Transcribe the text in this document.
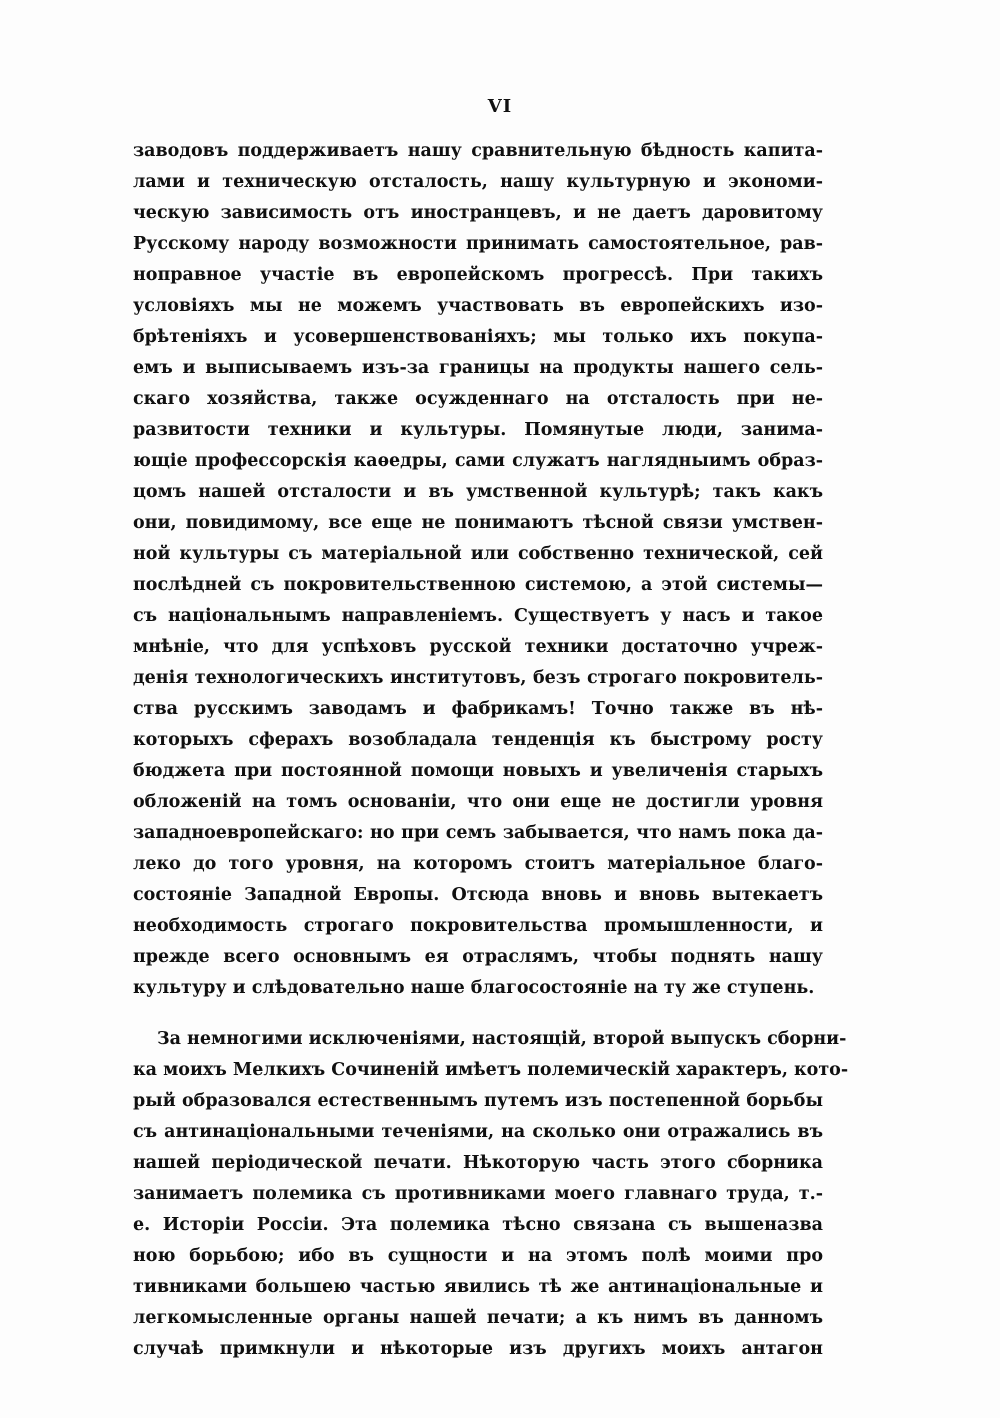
VI
заводовъ поддерживаетъ нашу сравнительную бѣдность капита-
лами и техническую отсталость, нашу культурную и экономи-
ческую зависимость отъ иностранцевъ, и не даетъ даровитому
Русскому народу возможности принимать самостоятельное, рав-
ноправное участіе въ европейскомъ прогрессѣ. При такихъ
условіяхъ мы не можемъ участвовать въ европейскихъ изо-
брѣтеніяхъ и усовершенствованіяхъ; мы только ихъ покупа-
емъ и выписываемъ изъ-за границы на продукты нашего сель-
скаго хозяйства, также осужденнаго на отсталость при не-
развитости техники и культуры. Помянутые люди, занима-
ющіе профессорскія каѳедры, сами служатъ наглядныимъ образ-
цомъ нашей отсталости и въ умственной культурѣ; такъ какъ
они, повидимому, все еще не понимаютъ тѣсной связи умствен-
ной культуры съ матеріальной или собственно технической, сей
послѣдней съ покровительственною системою, а этой системы—
съ національнымъ направленіемъ. Существуетъ у насъ и такое
мнѣніе, что для успѣховъ русской техники достаточно учреж-
денія технологическихъ институтовъ, безъ строгаго покровитель-
ства русскимъ заводамъ и фабрикамъ! Точно также въ нѣ-
которыхъ сферахъ возобладала тенденція къ быстрому росту
бюджета при постоянной помощи новыхъ и увеличенія старыхъ
обложеній на томъ основаніи, что они еще не достигли уровня
западноевропейскаго: но при семъ забывается, что намъ пока да-
леко до того уровня, на которомъ стоитъ матеріальное благо-
состояніе Западной Европы. Отсюда вновь и вновь вытекаетъ
необходимость строгаго покровительства промышленности, и
прежде всего основнымъ ея отраслямъ, чтобы поднять нашу
культуру и слѣдовательно наше благосостояніе на ту же ступень.
За немногими исключеніями, настоящій, второй выпускъ сборни-
ка моихъ Мелкихъ Сочиненій имѣетъ полемическій характеръ, кото-
рый образовался естественнымъ путемъ изъ постепенной борьбы
съ антинаціональными теченіями, на сколько они отражались въ
нашей періодической печати. Нѣкоторую часть этого сборника
занимаетъ полемика съ противниками моего главнаго труда, т.-
е. Исторіи Россіи. Эта полемика тѣсно связана съ вышеназва
ною борьбою; ибо въ сущности и на этомъ полѣ моими про
тивниками большею частью явились тѣ же антинаціональные и
легкомысленные органы нашей печати; а къ нимъ въ данномъ
случаѣ примкнули и нѣкоторые изъ другихъ моихъ антагон
